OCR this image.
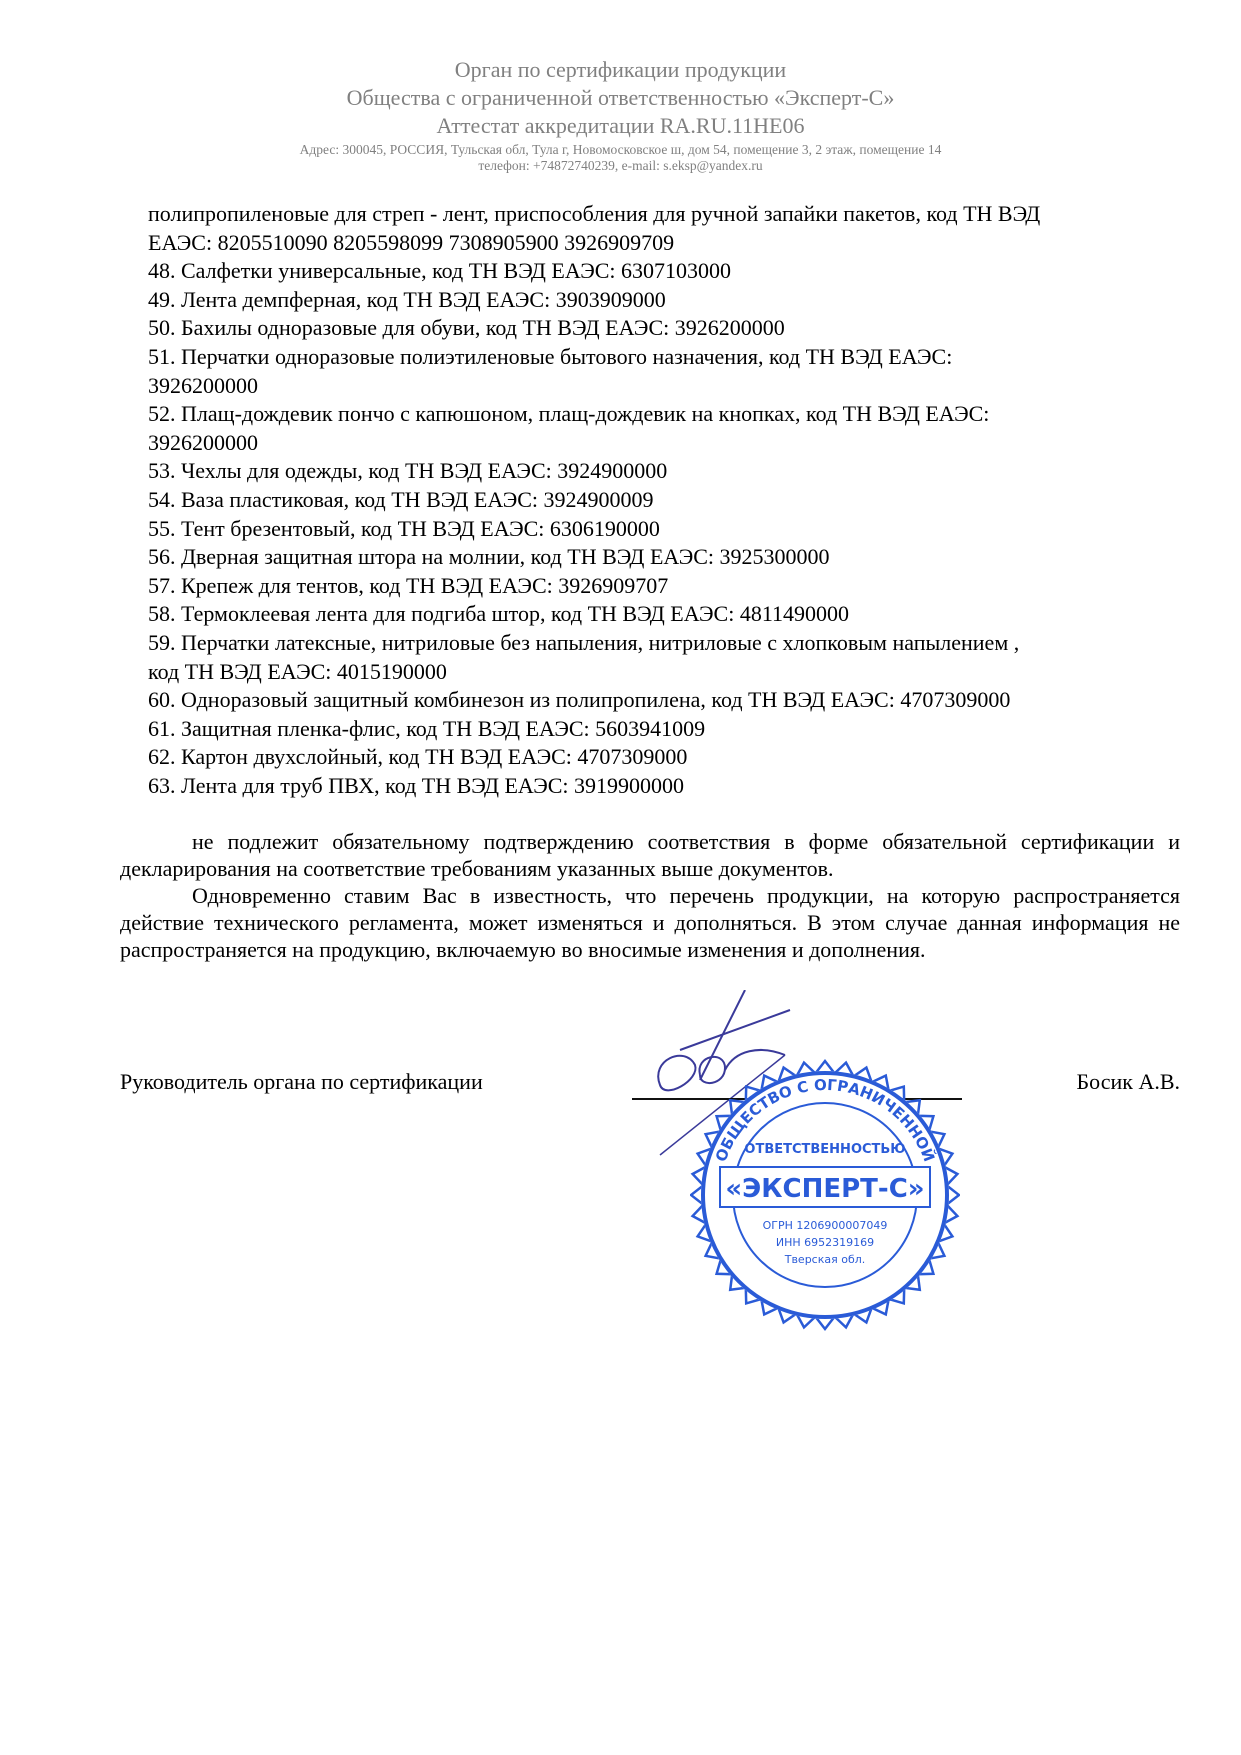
Орган по сертификации продукции
Общества с ограниченной ответственностью «Эксперт-С»
Аттестат аккредитации RA.RU.11НЕ06
Адрес: 300045, РОССИЯ, Тульская обл, Тула г, Новомосковское ш, дом 54, помещение 3, 2 этаж, помещение 14
телефон: +74872740239, e-mail: s.eksp@yandex.ru
полипропиленовые для стреп - лент, приспособления для ручной запайки пакетов, код ТН ВЭД
ЕАЭС: 8205510090 8205598099 7308905900 3926909709
48. Салфетки универсальные, код ТН ВЭД ЕАЭС: 6307103000
49. Лента демпферная, код ТН ВЭД ЕАЭС: 3903909000
50. Бахилы одноразовые для обуви, код ТН ВЭД ЕАЭС: 3926200000
51. Перчатки одноразовые полиэтиленовые бытового назначения, код ТН ВЭД ЕАЭС:
3926200000
52. Плащ-дождевик пончо с капюшоном, плащ-дождевик на кнопках, код ТН ВЭД ЕАЭС:
3926200000
53. Чехлы для одежды, код ТН ВЭД ЕАЭС: 3924900000
54. Ваза пластиковая, код ТН ВЭД ЕАЭС: 3924900009
55. Тент брезентовый, код ТН ВЭД ЕАЭС: 6306190000
56. Дверная защитная штора на молнии, код ТН ВЭД ЕАЭС: 3925300000
57. Крепеж для тентов, код ТН ВЭД ЕАЭС: 3926909707
58. Термоклеевая лента для подгиба штор, код ТН ВЭД ЕАЭС: 4811490000
59. Перчатки латексные, нитриловые без напыления, нитриловые с хлопковым напылением ,
код ТН ВЭД ЕАЭС: 4015190000
60. Одноразовый защитный комбинезон из полипропилена, код ТН ВЭД ЕАЭС: 4707309000
61. Защитная пленка-флис, код ТН ВЭД ЕАЭС: 5603941009
62. Картон двухслойный, код ТН ВЭД ЕАЭС: 4707309000
63. Лента для труб ПВХ, код ТН ВЭД ЕАЭС: 3919900000
не подлежит обязательному подтверждению соответствия в форме обязательной сертификации и декларирования на соответствие требованиям указанных выше документов.
Одновременно ставим Вас в известность, что перечень продукции, на которую распространяется действие технического регламента, может изменяться и дополняться. В этом случае данная информация не распространяется на продукцию, включаемую во вносимые изменения и дополнения.
Руководитель органа по сертификации	Босик А.В.
ОБЩЕСТВО С ОГРАНИЧЕННОЙ
ОТВЕТСТВЕННОСТЬЮ
«ЭКСПЕРТ-С»
ОГРН 1206900007049
ИНН 6952319169
Тверская обл.
